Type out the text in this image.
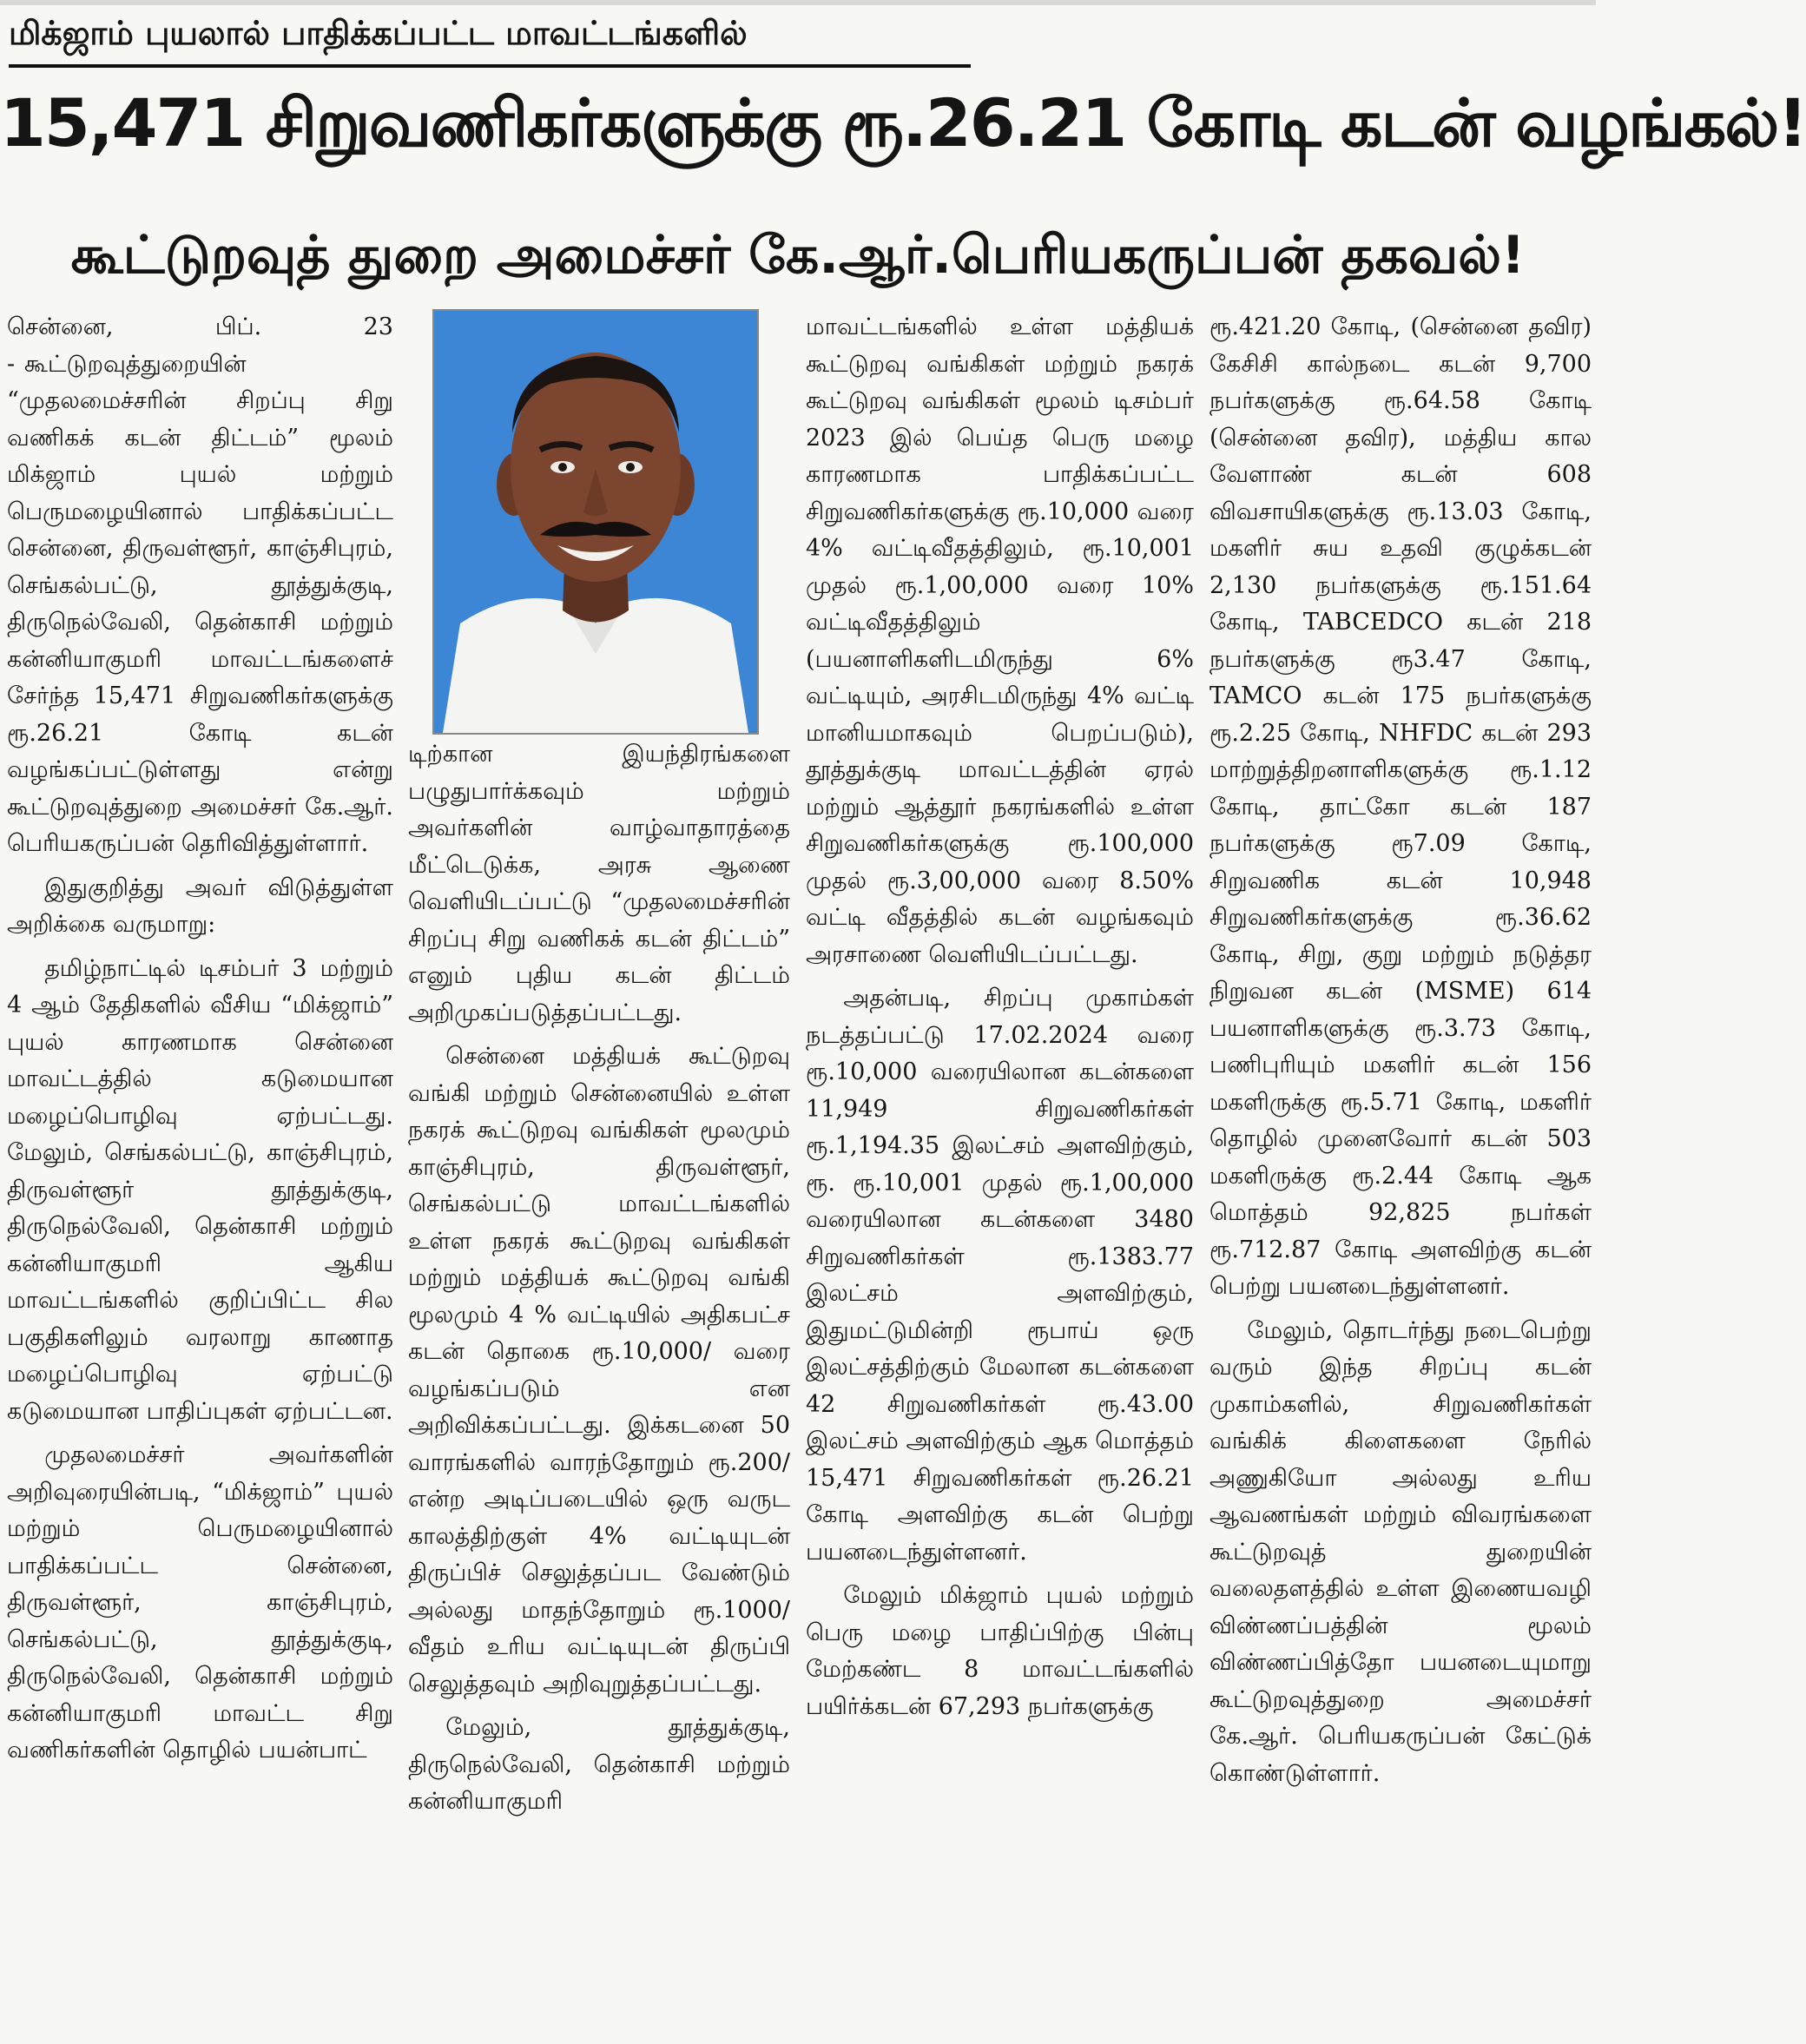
மிக்ஜாம் புயலால் பாதிக்கப்பட்ட மாவட்டங்களில்
15,471 சிறுவணிகர்களுக்கு ரூ.26.21 கோடி கடன் வழங்கல்!
கூட்டுறவுத் துறை அமைச்சர் கே.ஆர்.பெரியகருப்பன் தகவல்!

சென்னை, பிப். 23 - கூட்டுறவுத்துறையின் “முதலமைச்சரின் சிறப்பு சிறு வணிகக் கடன் திட்டம்” மூலம் மிக்ஜாம் புயல் மற்றும் பெருமழையினால் பாதிக்கப்பட்ட சென்னை, திருவள்ளூர், காஞ்சிபுரம், செங்கல்பட்டு, தூத்துக்குடி, திருநெல்வேலி, தென்காசி மற்றும் கன்னியாகுமரி மாவட்டங்களைச் சேர்ந்த 15,471 சிறுவணிகர்களுக்கு ரூ.26.21 கோடி கடன் வழங்கப்பட்டுள்ளது என்று கூட்டுறவுத்துறை அமைச்சர் கே.ஆர். பெரியகருப்பன் தெரிவித்துள்ளார்.

இதுகுறித்து அவர் விடுத்துள்ள அறிக்கை வருமாறு:

தமிழ்நாட்டில் டிசம்பர் 3 மற்றும் 4 ஆம் தேதிகளில் வீசிய “மிக்ஜாம்” புயல் காரணமாக சென்னை மாவட்டத்தில் கடுமையான மழைப்பொழிவு ஏற்பட்டது. மேலும், செங்கல்பட்டு, காஞ்சிபுரம், திருவள்ளூர் தூத்துக்குடி, திருநெல்வேலி, தென்காசி மற்றும் கன்னியாகுமரி ஆகிய மாவட்டங்களில் குறிப்பிட்ட சில பகுதிகளிலும் வரலாறு காணாத மழைப்பொழிவு ஏற்பட்டு கடுமையான பாதிப்புகள் ஏற்பட்டன.

முதலமைச்சர் அவர்களின் அறிவுரையின்படி, “மிக்ஜாம்” புயல் மற்றும் பெருமழையினால் பாதிக்கப்பட்ட சென்னை, திருவள்ளூர், காஞ்சிபுரம், செங்கல்பட்டு, தூத்துக்குடி, திருநெல்வேலி, தென்காசி மற்றும் கன்னியாகுமரி மாவட்ட சிறு வணிகர்களின் தொழில் பயன்பாட்

டிற்கான இயந்திரங்களை பழுதுபார்க்கவும் மற்றும் அவர்களின் வாழ்வாதாரத்தை மீட்டெடுக்க, அரசு ஆணை வெளியிடப்பட்டு “முதலமைச்சரின் சிறப்பு சிறு வணிகக் கடன் திட்டம்” எனும் புதிய கடன் திட்டம் அறிமுகப்படுத்தப்பட்டது.

சென்னை மத்தியக் கூட்டுறவு வங்கி மற்றும் சென்னையில் உள்ள நகரக் கூட்டுறவு வங்கிகள் மூலமும் காஞ்சிபுரம், திருவள்ளூர், செங்கல்பட்டு மாவட்டங்களில் உள்ள நகரக் கூட்டுறவு வங்கிகள் மற்றும் மத்தியக் கூட்டுறவு வங்கி மூலமும் 4 % வட்டியில் அதிகபட்ச கடன் தொகை ரூ.10,000/ வரை வழங்கப்படும் என அறிவிக்கப்பட்டது. இக்கடனை 50 வாரங்களில் வாரந்தோறும் ரூ.200/ என்ற அடிப்படையில் ஒரு வருட காலத்திற்குள் 4% வட்டியுடன் திருப்பிச் செலுத்தப்பட வேண்டும் அல்லது மாதந்தோறும் ரூ.1000/ வீதம் உரிய வட்டியுடன் திருப்பி செலுத்தவும் அறிவுறுத்தப்பட்டது.

மேலும், தூத்துக்குடி, திருநெல்வேலி, தென்காசி மற்றும் கன்னியாகுமரி

மாவட்டங்களில் உள்ள மத்தியக் கூட்டுறவு வங்கிகள் மற்றும் நகரக் கூட்டுறவு வங்கிகள் மூலம் டிசம்பர் 2023 இல் பெய்த பெரு மழை காரணமாக பாதிக்கப்பட்ட சிறுவணிகர்களுக்கு ரூ.10,000 வரை 4% வட்டிவீதத்திலும், ரூ.10,001 முதல் ரூ.1,00,000 வரை 10% வட்டிவீதத்திலும் (பயனாளிகளிடமிருந்து 6% வட்டியும், அரசிடமிருந்து 4% வட்டி மானியமாகவும் பெறப்படும்), தூத்துக்குடி மாவட்டத்தின் ஏரல் மற்றும் ஆத்தூர் நகரங்களில் உள்ள சிறுவணிகர்களுக்கு ரூ.100,000 முதல் ரூ.3,00,000 வரை 8.50% வட்டி வீதத்தில் கடன் வழங்கவும் அரசாணை வெளியிடப்பட்டது.

அதன்படி, சிறப்பு முகாம்கள் நடத்தப்பட்டு 17.02.2024 வரை ரூ.10,000 வரையிலான கடன்களை 11,949 சிறுவணிகர்கள் ரூ.1,194.35 இலட்சம் அளவிற்கும், ரூ. ரூ.10,001 முதல் ரூ.1,00,000 வரையிலான கடன்களை 3480 சிறுவணிகர்கள் ரூ.1383.77 இலட்சம் அளவிற்கும், இதுமட்டுமின்றி ரூபாய் ஒரு இலட்சத்திற்கும் மேலான கடன்களை 42 சிறுவணிகர்கள் ரூ.43.00 இலட்சம் அளவிற்கும் ஆக மொத்தம் 15,471 சிறுவணிகர்கள் ரூ.26.21 கோடி அளவிற்கு கடன் பெற்று பயனடைந்துள்ளனர்.

மேலும் மிக்ஜாம் புயல் மற்றும் பெரு மழை பாதிப்பிற்கு பின்பு மேற்கண்ட 8 மாவட்டங்களில் பயிர்க்கடன் 67,293 நபர்களுக்கு

ரூ.421.20 கோடி, (சென்னை தவிர) கேசிசி கால்நடை கடன் 9,700 நபர்களுக்கு ரூ.64.58 கோடி (சென்னை தவிர), மத்திய கால வேளாண் கடன் 608 விவசாயிகளுக்கு ரூ.13.03 கோடி, மகளிர் சுய உதவி குழுக்கடன் 2,130 நபர்களுக்கு ரூ.151.64 கோடி, TABCEDCO கடன் 218 நபர்களுக்கு ரூ3.47 கோடி, TAMCO கடன் 175 நபர்களுக்கு ரூ.2.25 கோடி, NHFDC கடன் 293 மாற்றுத்திறனாளிகளுக்கு ரூ.1.12 கோடி, தாட்கோ கடன் 187 நபர்களுக்கு ரூ7.09 கோடி, சிறுவணிக கடன் 10,948 சிறுவணிகர்களுக்கு ரூ.36.62 கோடி, சிறு, குறு மற்றும் நடுத்தர நிறுவன கடன் (MSME) 614 பயனாளிகளுக்கு ரூ.3.73 கோடி, பணிபுரியும் மகளிர் கடன் 156 மகளிருக்கு ரூ.5.71 கோடி, மகளிர் தொழில் முனைவோர் கடன் 503 மகளிருக்கு ரூ.2.44 கோடி ஆக மொத்தம் 92,825 நபர்கள் ரூ.712.87 கோடி அளவிற்கு கடன் பெற்று பயனடைந்துள்ளனர்.

மேலும், தொடர்ந்து நடைபெற்று வரும் இந்த சிறப்பு கடன் முகாம்களில், சிறுவணிகர்கள் வங்கிக் கிளைகளை நேரில் அணுகியோ அல்லது உரிய ஆவணங்கள் மற்றும் விவரங்களை கூட்டுறவுத் துறையின் வலைதளத்தில் உள்ள இணையவழி விண்ணப்பத்தின் மூலம் விண்ணப்பித்தோ பயனடையுமாறு கூட்டுறவுத்துறை அமைச்சர் கே.ஆர். பெரியகருப்பன் கேட்டுக் கொண்டுள்ளார்.
